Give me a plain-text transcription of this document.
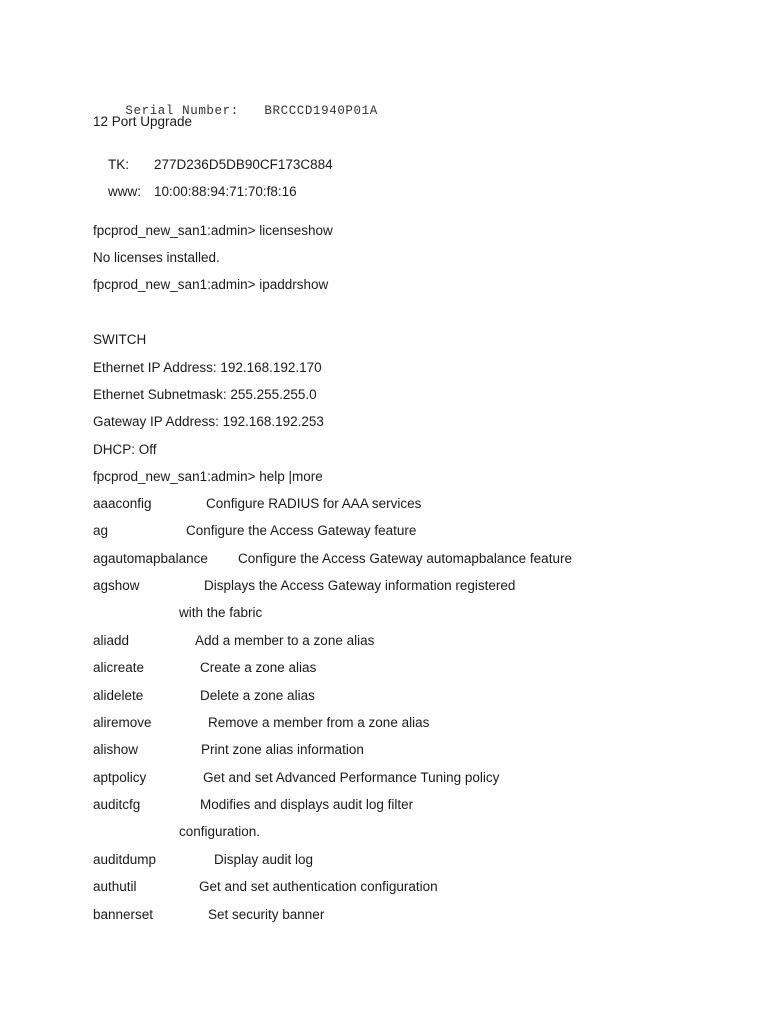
Serial Number: BRCCCD1940P01A

12 Port Upgrade

TK: 277D236D5DB90CF173C884

www: 10:00:88:94:71:70:f8:16

fpcprod_new_san1:admin> licenseshow
No licenses installed.
fpcprod_new_san1:admin> ipaddrshow
SWITCH
Ethernet IP Address: 192.168.192.170
Ethernet Subnetmask: 255.255.255.0
Gateway IP Address: 192.168.192.253
DHCP: Off
fpcprod_new_san1:admin> help |more
aaaconfig	Configure RADIUS for AAA services
ag	Configure the Access Gateway feature
agautomapbalance Configure the Access Gateway automapbalance feature
agshow	Displays the Access Gateway information registered
with the fabric
aliadd	Add a member to a zone alias
alicreate	Create a zone alias
alidelete	Delete a zone alias
aliremove	Remove a member from a zone alias
alishow	Print zone alias information
aptpolicy	Get and set Advanced Performance Tuning policy
auditcfg	Modifies and displays audit log filter
configuration.
auditdump	Display audit log
authutil	Get and set authentication configuration
bannerset	Set security banner
